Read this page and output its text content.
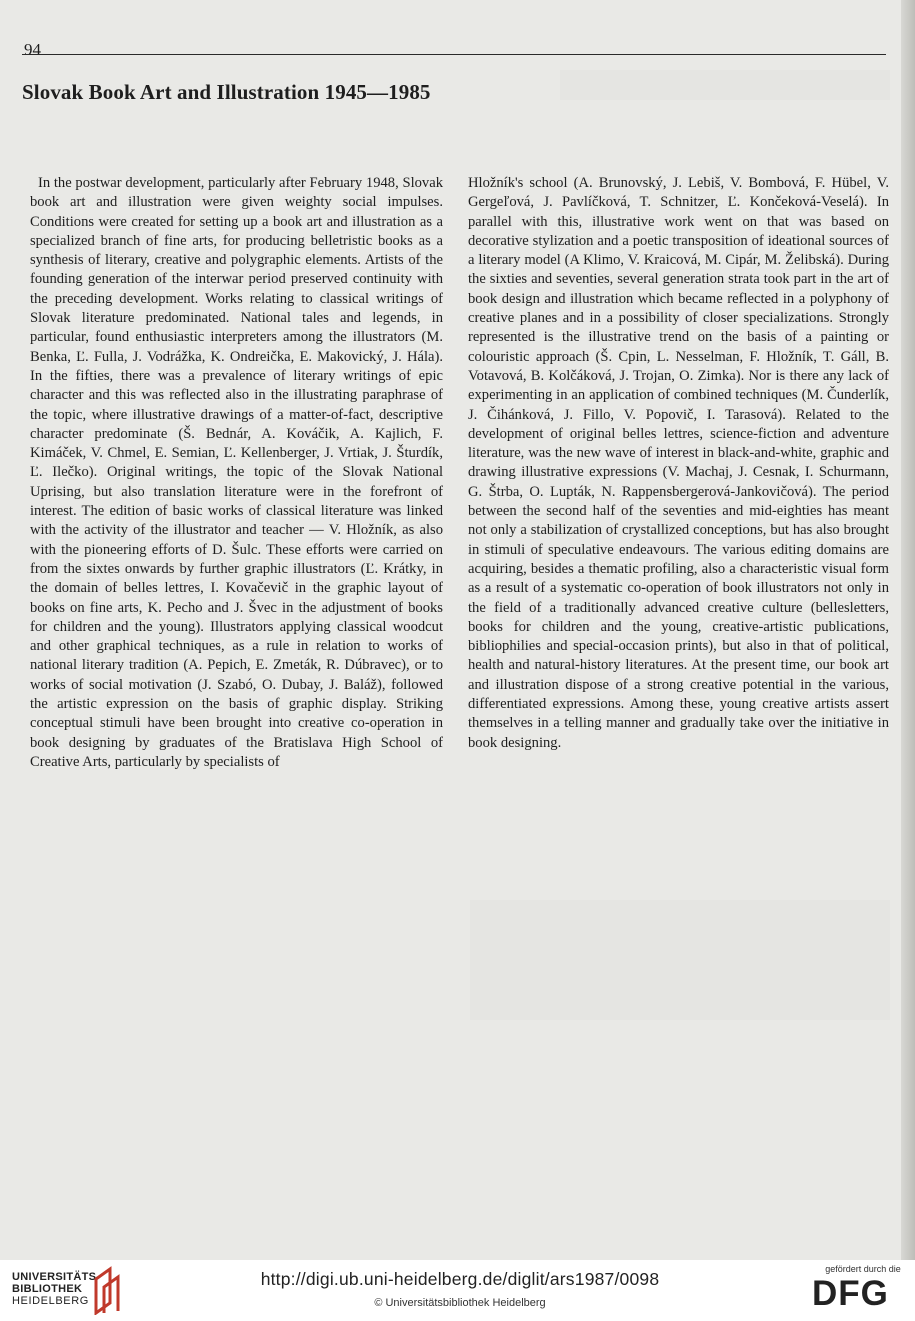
94
Slovak Book Art and Illustration 1945—1985

In the postwar development, particularly after February 1948, Slovak book art and illustration were given weighty social impulses. Conditions were created for setting up a book art and illustration as a specialized branch of fine arts, for producing belletristic books as a synthesis of literary, creative and polygraphic elements. Artists of the founding generation of the interwar period preserved continuity with the preceding development. Works relating to classical writings of Slovak literature predominated. National tales and legends, in particular, found enthusiastic interpreters among the illustrators (M. Benka, Ľ. Fulla, J. Vodrážka, K. Ondreička, E. Makovický, J. Hála). In the fifties, there was a prevalence of literary writings of epic character and this was reflected also in the illustrating paraphrase of the topic, where illustrative drawings of a matter-of-fact, descriptive character predominate (Š. Bednár, A. Kováčik, A. Kajlich, F. Kimáček, V. Chmel, E. Semian, Ľ. Kellenberger, J. Vrtiak, J. Šturdík, Ľ. Ilečko). Original writings, the topic of the Slovak National Uprising, but also translation literature were in the forefront of interest. The edition of basic works of classical literature was linked with the activity of the illustrator and teacher — V. Hložník, as also with the pioneering efforts of D. Šulc. These efforts were carried on from the sixtes onwards by further graphic illustrators (Ľ. Krátky, in the domain of belles lettres, I. Kovačevič in the graphic layout of books on fine arts, K. Pecho and J. Švec in the adjustment of books for children and the young). Illustrators applying classical woodcut and other graphical techniques, as a rule in relation to works of national literary tradition (A. Pepich, E. Zmeták, R. Dúbravec), or to works of social motivation (J. Szabó, O. Dubay, J. Baláž), followed the artistic expression on the basis of graphic display. Striking conceptual stimuli have been brought into creative co-operation in book designing by graduates of the Bratislava High School of Creative Arts, particularly by specialists of

Hložník's school (A. Brunovský, J. Lebiš, V. Bombová, F. Hübel, V. Gergeľová, J. Pavlíčková, T. Schnitzer, Ľ. Končeková-Veselá). In parallel with this, illustrative work went on that was based on decorative stylization and a poetic transposition of ideational sources of a literary model (A Klimo, V. Kraicová, M. Cipár, M. Želibská). During the sixties and seventies, several generation strata took part in the art of book design and illustration which became reflected in a polyphony of creative planes and in a possibility of closer specializations. Strongly represented is the illustrative trend on the basis of a painting or colouristic approach (Š. Cpin, L. Nesselman, F. Hložník, T. Gáll, B. Votavová, B. Kolčáková, J. Trojan, O. Zimka). Nor is there any lack of experimenting in an application of combined techniques (M. Čunderlík, J. Čihánková, J. Fillo, V. Popovič, I. Tarasová). Related to the development of original belles lettres, science-fiction and adventure literature, was the new wave of interest in black-and-white, graphic and drawing illustrative expressions (V. Machaj, J. Cesnak, I. Schurmann, G. Štrba, O. Lupták, N. Rappensbergerová-Jankovičová). The period between the second half of the seventies and mid-eighties has meant not only a stabilization of crystallized conceptions, but has also brought in stimuli of speculative endeavours. The various editing domains are acquiring, besides a thematic profiling, also a characteristic visual form as a result of a systematic co-operation of book illustrators not only in the field of a traditionally advanced creative culture (bellesletters, books for children and the young, creative-artistic publications, bibliophilies and special-occasion prints), but also in that of political, health and natural-history literatures. At the present time, our book art and illustration dispose of a strong creative potential in the various, differentiated expressions. Among these, young creative artists assert themselves in a telling manner and gradually take over the initiative in book designing.

UNIVERSITÄTS-
BIBLIOTHEK
HEIDELBERG
http://digi.ub.uni-heidelberg.de/diglit/ars1987/0098
© Universitätsbibliothek Heidelberg
gefördert durch die
DFG
